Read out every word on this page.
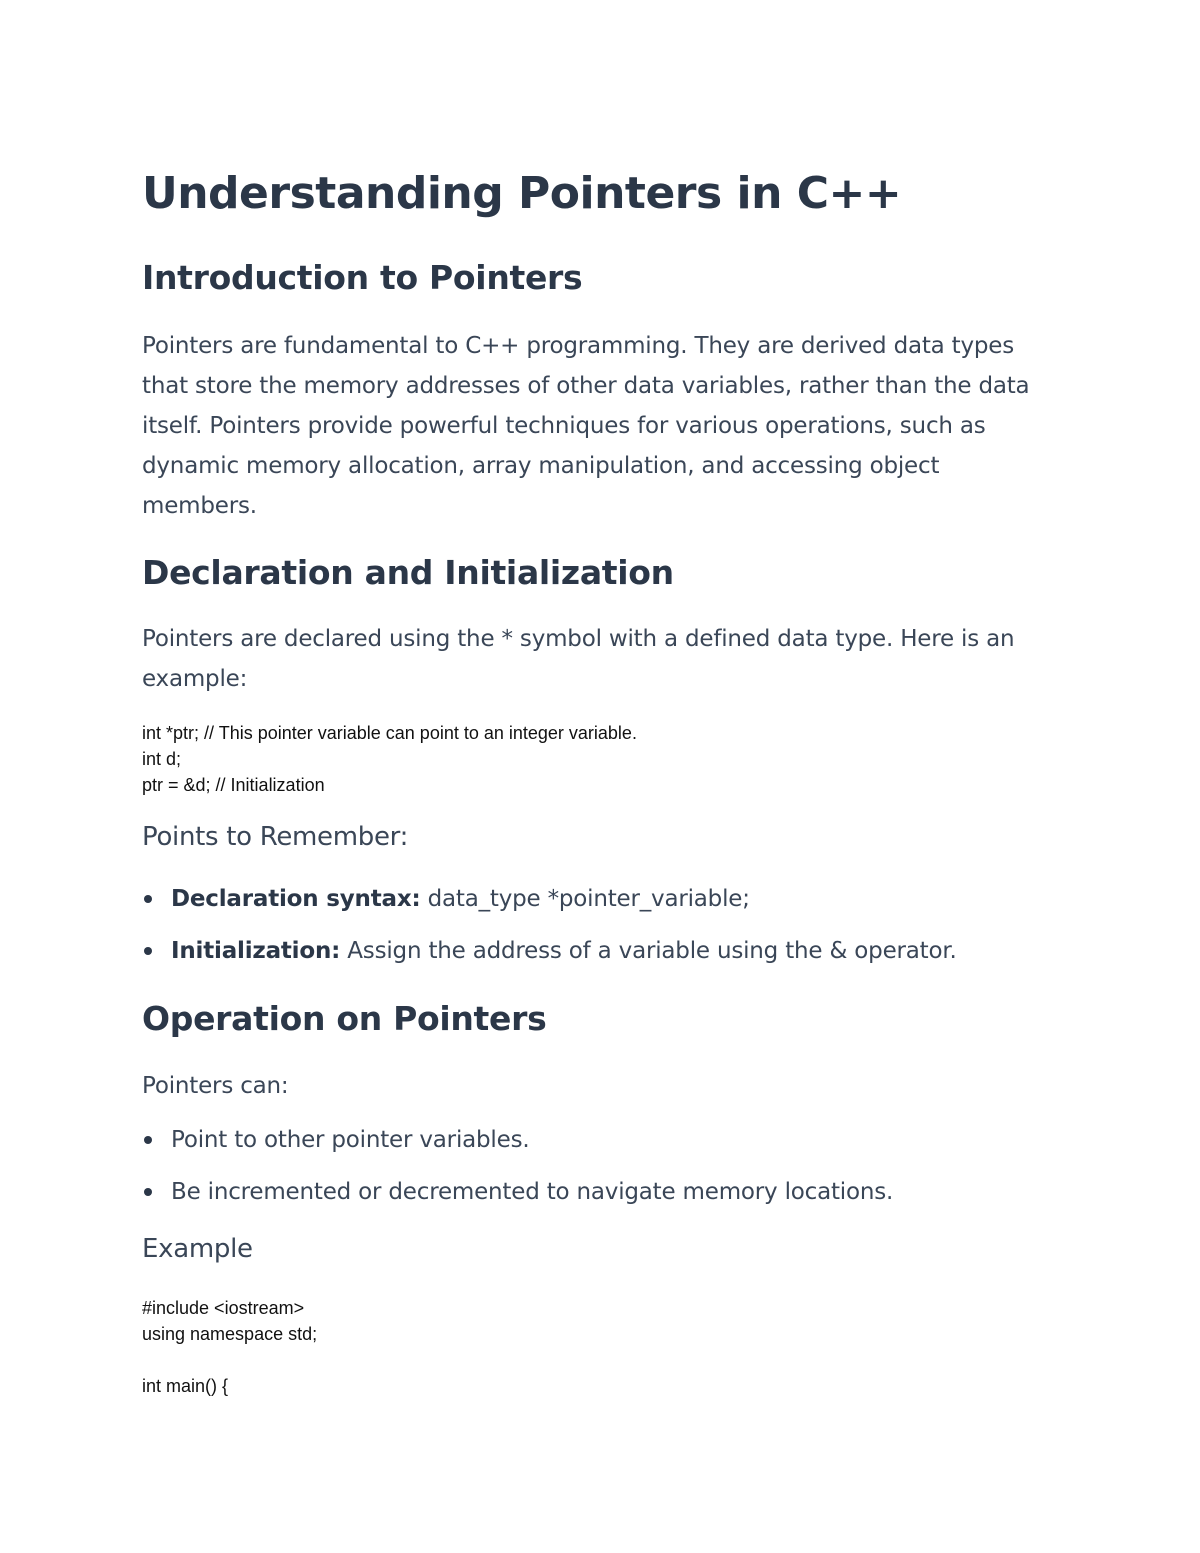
Understanding Pointers in C++
Introduction to Pointers

Pointers are fundamental to C++ programming. They are derived data types that store the memory addresses of other data variables, rather than the data itself. Pointers provide powerful techniques for various operations, such as dynamic memory allocation, array manipulation, and accessing object members.

Declaration and Initialization

Pointers are declared using the * symbol with a defined data type. Here is an example:

int *ptr; // This pointer variable can point to an integer variable.
int d;
ptr = &d; // Initialization
Points to Remember:
Declaration syntax: data_type *pointer_variable;
Initialization: Assign the address of a variable using the & operator.
Operation on Pointers

Pointers can:

Point to other pointer variables.
Be incremented or decremented to navigate memory locations.
Example
#include <iostream>
using namespace std;

int main() {
